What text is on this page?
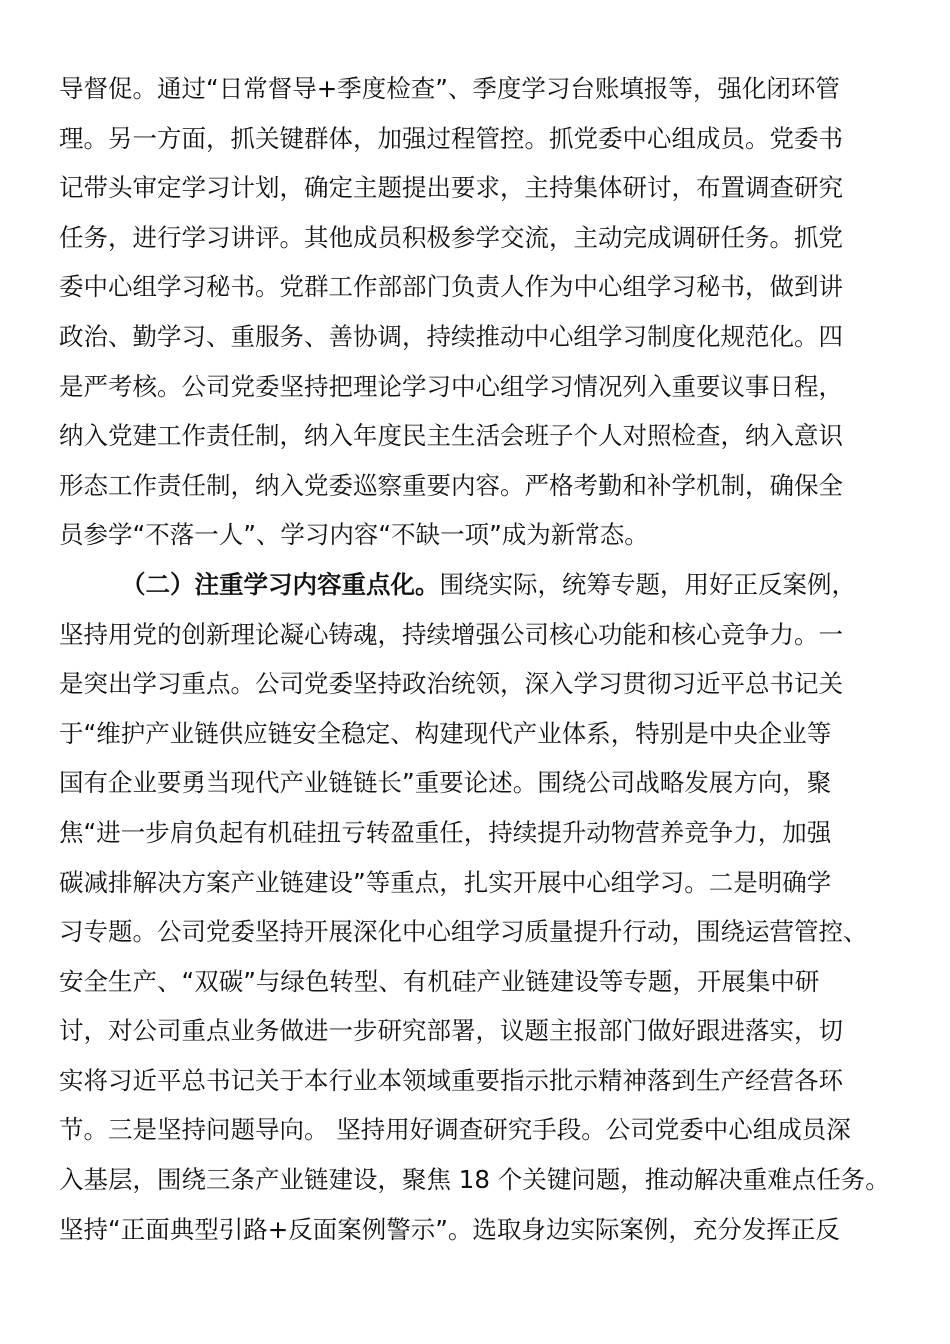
导督促。通过“日常督导+季度检查”、季度学习台账填报等，强化闭环管
理。另一方面，抓关键群体，加强过程管控。抓党委中心组成员。党委书
记带头审定学习计划，确定主题提出要求，主持集体研讨，布置调查研究
任务，进行学习讲评。其他成员积极参学交流，主动完成调研任务。抓党
委中心组学习秘书。党群工作部部门负责人作为中心组学习秘书，做到讲
政治、勤学习、重服务、善协调，持续推动中心组学习制度化规范化。四
是严考核。公司党委坚持把理论学习中心组学习情况列入重要议事日程，
纳入党建工作责任制，纳入年度民主生活会班子个人对照检查，纳入意识
形态工作责任制，纳入党委巡察重要内容。严格考勤和补学机制，确保全
员参学“不落一人”、学习内容“不缺一项”成为新常态。
（二）注重学习内容重点化。围绕实际，统筹专题，用好正反案例，
坚持用党的创新理论凝心铸魂，持续增强公司核心功能和核心竞争力。一
是突出学习重点。公司党委坚持政治统领，深入学习贯彻习近平总书记关
于“维护产业链供应链安全稳定、构建现代产业体系，特别是中央企业等
国有企业要勇当现代产业链链长”重要论述。围绕公司战略发展方向，聚
焦“进一步肩负起有机硅扭亏转盈重任，持续提升动物营养竞争力，加强
碳减排解决方案产业链建设”等重点，扎实开展中心组学习。二是明确学
习专题。公司党委坚持开展深化中心组学习质量提升行动，围绕运营管控、
安全生产、“双碳”与绿色转型、有机硅产业链建设等专题，开展集中研
讨，对公司重点业务做进一步研究部署，议题主报部门做好跟进落实，切
实将习近平总书记关于本行业本领域重要指示批示精神落到生产经营各环
节。三是坚持问题导向。 坚持用好调查研究手段。公司党委中心组成员深
入基层，围绕三条产业链建设，聚焦 18 个关键问题，推动解决重难点任务。
坚持“正面典型引路+反面案例警示”。选取身边实际案例，充分发挥正反
